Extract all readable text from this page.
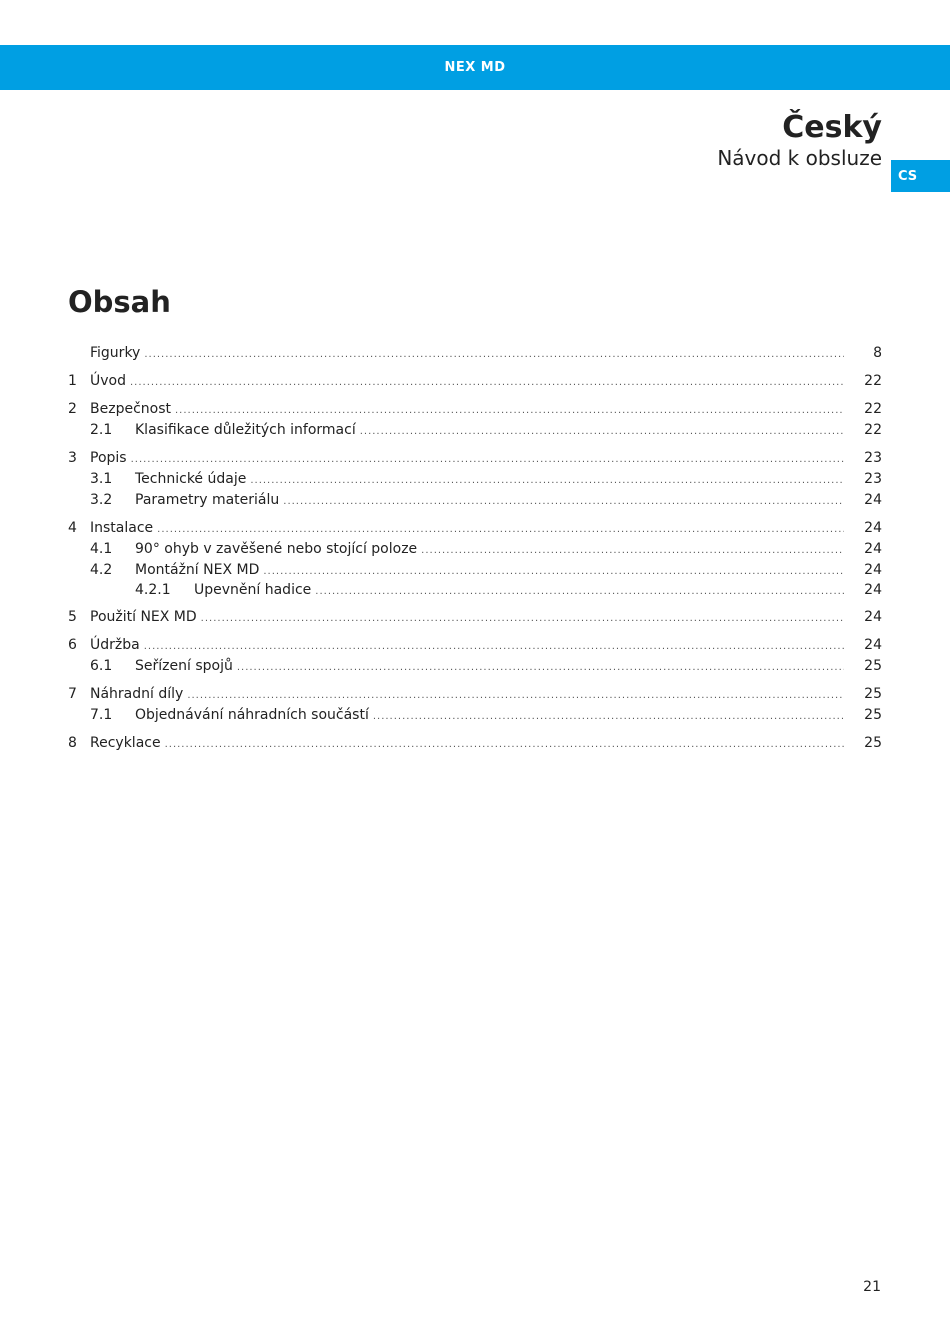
NEX MD
Český
Návod k obsluze
CS
Obsah
Figurky .....	8
1 Úvod .....	22
2 Bezpečnost .....	22
2.1	Klasifikace důležitých informací .....	22
3 Popis .....	23
3.1	Technické údaje .....	23
3.2	Parametry materiálu .....	24
4 Instalace .....	24
4.1	90° ohyb v zavěšené nebo stojící poloze .....	24
4.2	Montážní NEX MD .....	24
4.2.1	Upevnění hadice .....	24
5 Použití NEX MD .....	24
6 Údržba .....	24
6.1	Seřízení spojů .....	25
7 Náhradní díly .....	25
7.1	Objednávání náhradních součástí .....	25
8 Recyklace .....	25
21
